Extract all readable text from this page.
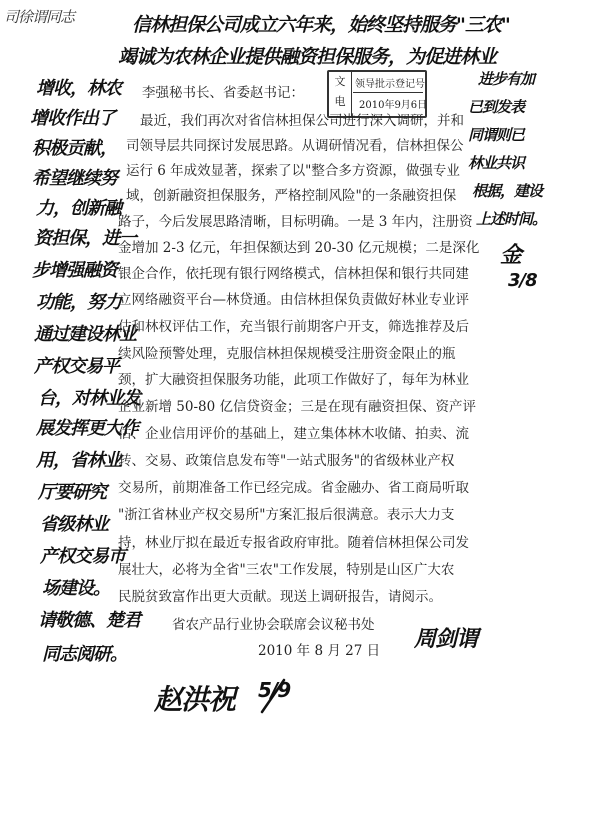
司徐谓同志	信林担保公司成立六年来，始终坚持服务"三农"
竭诚为农林企业提供融资担保服务，为促进林业
文
电
领导批示登记号
2010年9月6日
进步有加
已到发表
同谓则已
林业共识
根据，建设
上述时间。
金
3/8
增收，林农
增收作出了
积极贡献，
希望继续努
力，创新融
资担保，进一
步增强融资
功能，努力
通过建设林业
产权交易平
台，对林业发
展发挥更大作
用，省林业
厅要研究
省级林业
产权交易市
场建设。
请敬德、楚君
同志阅研。
李强秘书长、省委赵书记：
最近，我们再次对省信林担保公司进行深入调研，并和
司领导层共同探讨发展思路。从调研情况看，信林担保公
运行 6 年成效显著，探索了以"整合多方资源，做强专业
域，创新融资担保服务，严格控制风险"的一条融资担保
路子，今后发展思路清晰，目标明确。一是 3 年内，注册资
金增加 2-3 亿元，年担保额达到 20-30 亿元规模；二是深化
银企合作，依托现有银行网络模式，信林担保和银行共同建
立网络融资平台—林贷通。由信林担保负责做好林业专业评
估和林权评估工作，充当银行前期客户开支，筛选推荐及后
续风险预警处理，克服信林担保规模受注册资金限止的瓶
颈，扩大融资担保服务功能，此项工作做好了，每年为林业
企业新增 50-80 亿信贷资金；三是在现有融资担保、资产评
估、企业信用评价的基础上，建立集体林木收储、拍卖、流
转、交易、政策信息发布等"一站式服务"的省级林业产权
交易所，前期准备工作已经完成。省金融办、省工商局听取
"浙江省林业产权交易所"方案汇报后很满意。表示大力支
持，林业厅拟在最近专报省政府审批。随着信林担保公司发
展壮大，必将为全省"三农"工作发展，特别是山区广大农
民脱贫致富作出更大贡献。现送上调研报告，请阅示。
省农产品行业协会联席会议秘书处
2010 年 8 月 27 日 周剑谓
赵洪祝 5/9
